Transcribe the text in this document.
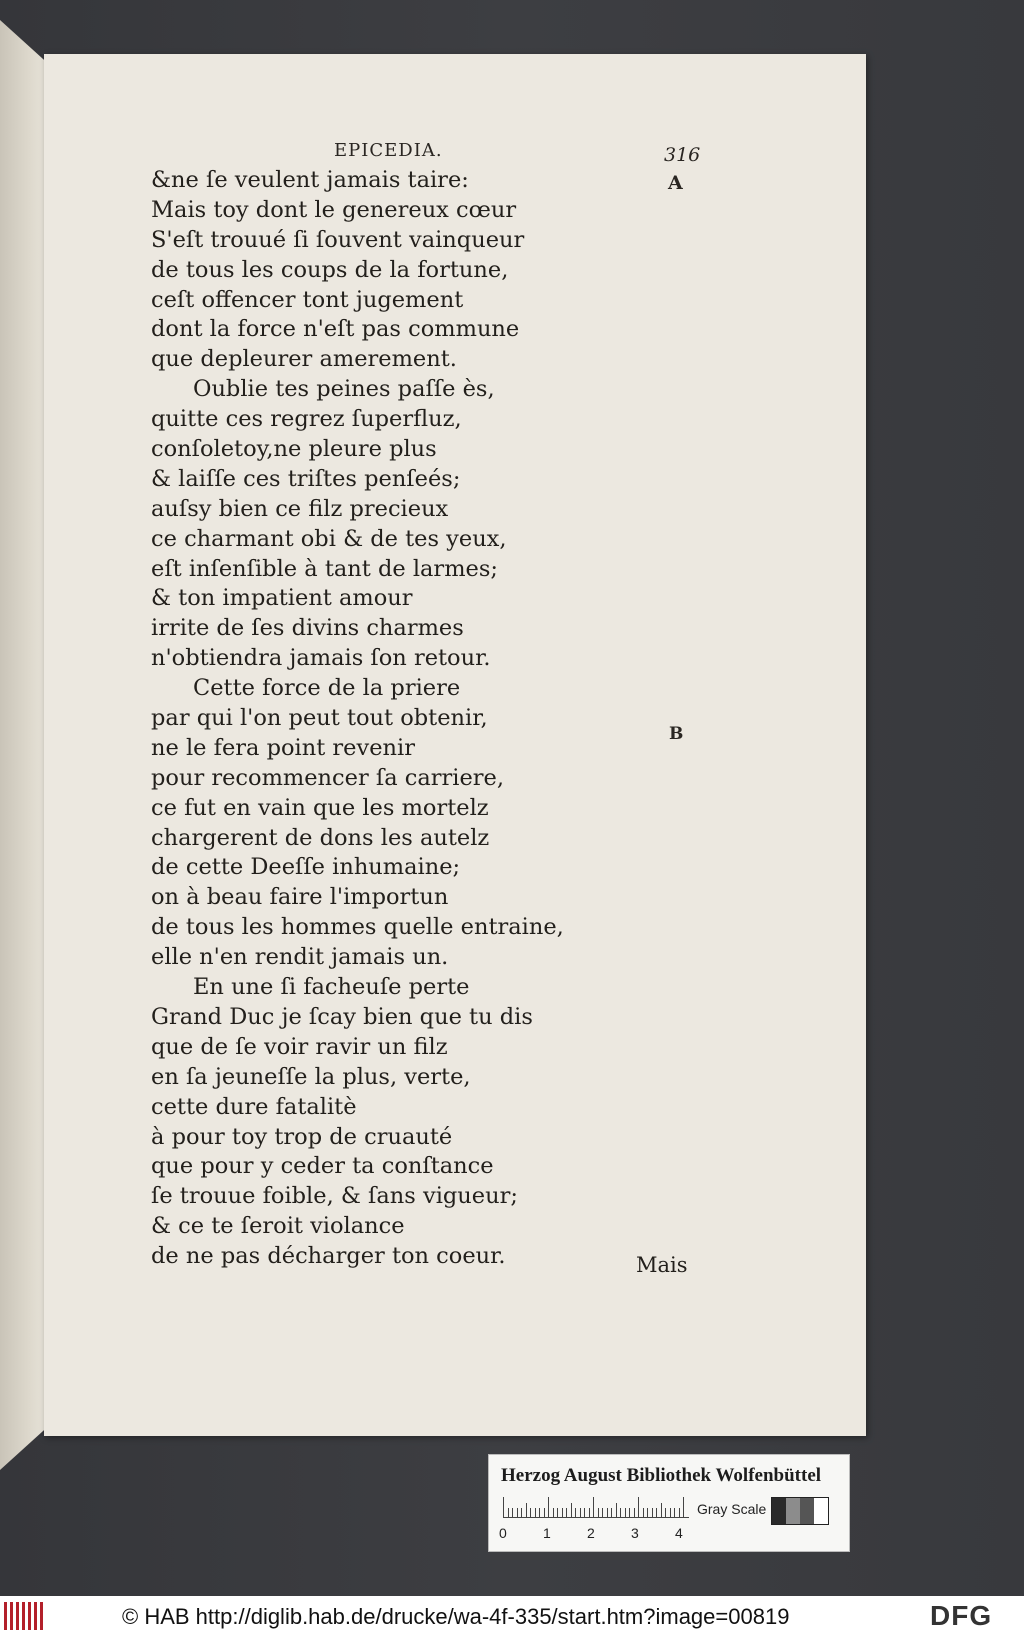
EPICEDIA.	316
A
B
&ne ſe veulent jamais taire:
Mais toy dont le genereux cœur
S'eſt trouué ſi ſouvent vainqueur
de tous les coups de la fortune,
ceſt offencer tont jugement
dont la force n'eſt pas commune
que depleurer amerement.
Oublie tes peines paſſe ès,
quitte ces regrez ſuperfluz,
conſoletoy,ne pleure plus
& laiſſe ces triſtes penſeés;
auſsy bien ce filz precieux
ce charmant obi & de tes yeux,
eſt inſenſible à tant de larmes;
& ton impatient amour
irrite de ſes divins charmes
n'obtiendra jamais ſon retour.
Cette force de la priere
par qui l'on peut tout obtenir,
ne le fera point revenir
pour recommencer ſa carriere,
ce fut en vain que les mortelz
chargerent de dons les autelz
de cette Deeſſe inhumaine;
on à beau faire l'importun
de tous les hommes quelle entraine,
elle n'en rendit jamais un.
En une ſi facheuſe perte
Grand Duc je ſcay bien que tu dis
que de ſe voir ravir un filz
en ſa jeuneſſe la plus, verte,
cette dure fatalitè
à pour toy trop de cruauté
que pour y ceder ta conſtance
ſe trouue foible, & ſans vigueur;
& ce te ſeroit violance
de ne pas décharger ton coeur.	Mais
Herzog August Bibliothek Wolfenbüttel
0	1	2	3	4
Gray Scale
© HAB http://diglib.hab.de/drucke/wa-4f-335/start.htm?image=00819	DFG
